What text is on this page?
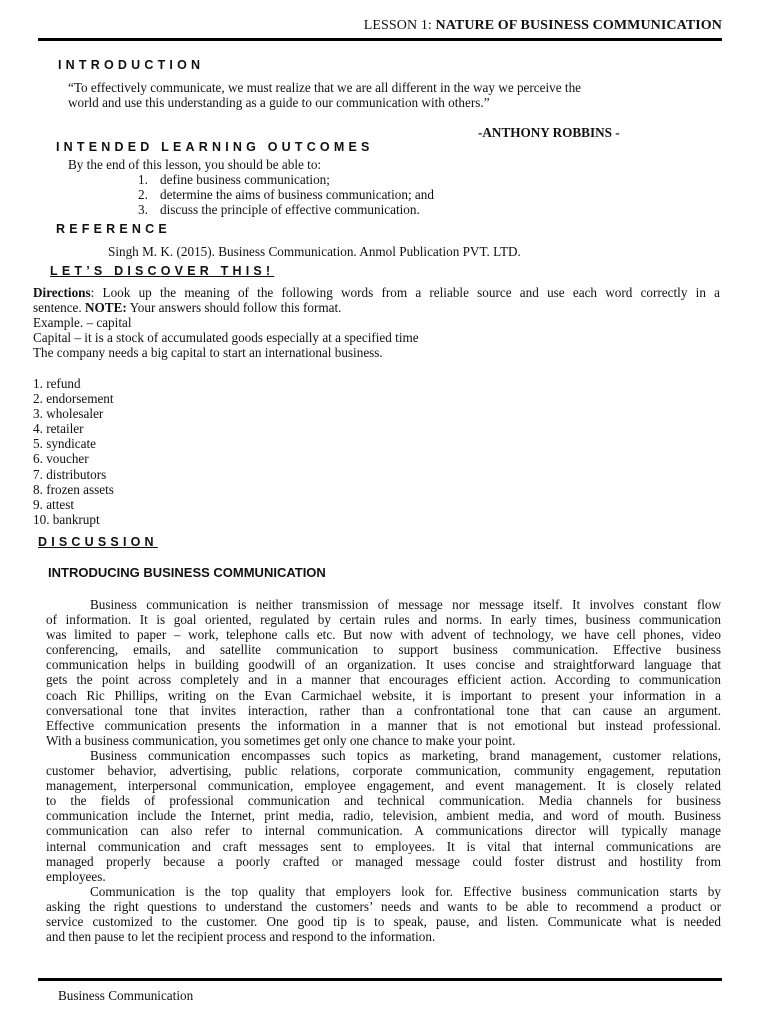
LESSON 1: NATURE OF BUSINESS COMMUNICATION
INTRODUCTION
“To effectively communicate, we must realize that we are all different in the way we perceive the
world and use this understanding as a guide to our communication with others.”
-ANTHONY ROBBINS -
INTENDED LEARNING OUTCOMES
By the end of this lesson, you should be able to:
1. define business communication;
2. determine the aims of business communication; and
3. discuss the principle of effective communication.
REFERENCE
Singh M. K. (2015). Business Communication. Anmol Publication PVT. LTD.
LET’S DISCOVER THIS!
Directions: Look up the meaning of the following words from a reliable source and use each word correctly in a
sentence. NOTE: Your answers should follow this format.
Example. – capital
Capital – it is a stock of accumulated goods especially at a specified time
The company needs a big capital to start an international business.
1. refund
2. endorsement
3. wholesaler
4. retailer
5. syndicate
6. voucher
7. distributors
8. frozen assets
9. attest
10. bankrupt
DISCUSSION
INTRODUCING BUSINESS COMMUNICATION
Business communication is neither transmission of message nor message itself. It involves constant flow
of information. It is goal oriented, regulated by certain rules and norms. In early times, business communication
was limited to paper – work, telephone calls etc. But now with advent of technology, we have cell phones, video
conferencing, emails, and satellite communication to support business communication. Effective business
communication helps in building goodwill of an organization. It uses concise and straightforward language that
gets the point across completely and in a manner that encourages efficient action. According to communication
coach Ric Phillips, writing on the Evan Carmichael website, it is important to present your information in a
conversational tone that invites interaction, rather than a confrontational tone that can cause an argument.
Effective communication presents the information in a manner that is not emotional but instead professional.
With a business communication, you sometimes get only one chance to make your point.
Business communication encompasses such topics as marketing, brand management, customer relations,
customer behavior, advertising, public relations, corporate communication, community engagement, reputation
management, interpersonal communication, employee engagement, and event management. It is closely related
to the fields of professional communication and technical communication. Media channels for business
communication include the Internet, print media, radio, television, ambient media, and word of mouth. Business
communication can also refer to internal communication. A communications director will typically manage
internal communication and craft messages sent to employees. It is vital that internal communications are
managed properly because a poorly crafted or managed message could foster distrust and hostility from
employees.
Communication is the top quality that employers look for. Effective business communication starts by
asking the right questions to understand the customers’ needs and wants to be able to recommend a product or
service customized to the customer. One good tip is to speak, pause, and listen. Communicate what is needed
and then pause to let the recipient process and respond to the information.
Business Communication
